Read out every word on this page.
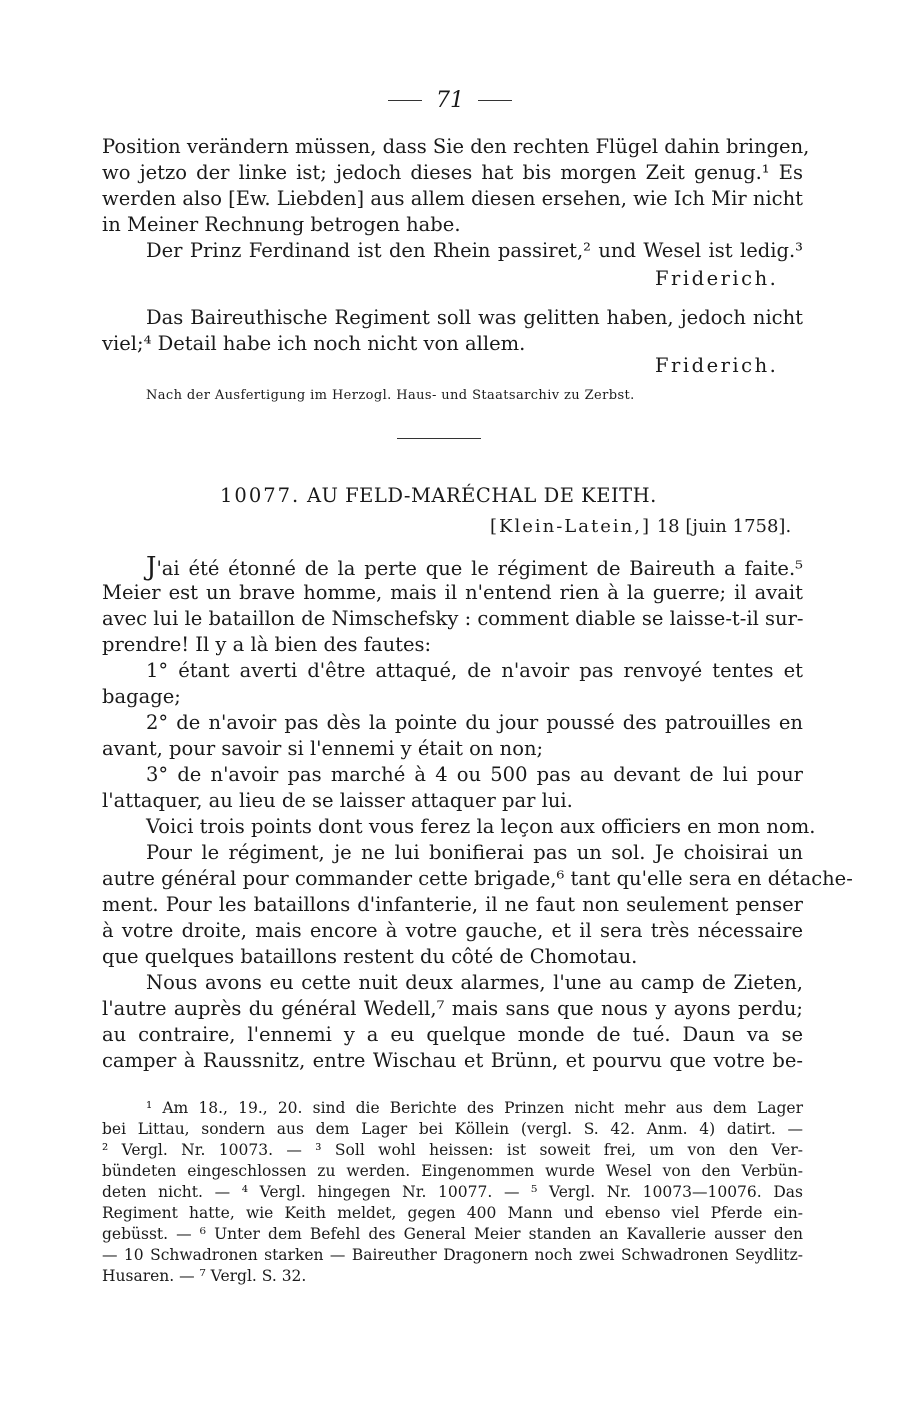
71
Position verändern müssen, dass Sie den rechten Flügel dahin bringen,
wo jetzo der linke ist; jedoch dieses hat bis morgen Zeit genug.¹ Es
werden also [Ew. Liebden] aus allem diesen ersehen, wie Ich Mir nicht
in Meiner Rechnung betrogen habe.
Der Prinz Ferdinand ist den Rhein passiret,² und Wesel ist ledig.³
Friderich.
Das Baireuthische Regiment soll was gelitten haben, jedoch nicht
viel;⁴ Detail habe ich noch nicht von allem.
Friderich.
Nach der Ausfertigung im Herzogl. Haus- und Staatsarchiv zu Zerbst.
10077. AU FELD-MARÉCHAL DE KEITH.
[Klein-Latein,] 18 [juin 1758].
J'ai été étonné de la perte que le régiment de Baireuth a faite.⁵
Meier est un brave homme, mais il n'entend rien à la guerre; il avait
avec lui le bataillon de Nimschefsky : comment diable se laisse-t-il sur-
prendre! Il y a là bien des fautes:
1° étant averti d'être attaqué, de n'avoir pas renvoyé tentes et
bagage;
2° de n'avoir pas dès la pointe du jour poussé des patrouilles en
avant, pour savoir si l'ennemi y était on non;
3° de n'avoir pas marché à 4 ou 500 pas au devant de lui pour
l'attaquer, au lieu de se laisser attaquer par lui.
Voici trois points dont vous ferez la leçon aux officiers en mon nom.
Pour le régiment, je ne lui bonifierai pas un sol. Je choisirai un
autre général pour commander cette brigade,⁶ tant qu'elle sera en détache-
ment. Pour les bataillons d'infanterie, il ne faut non seulement penser
à votre droite, mais encore à votre gauche, et il sera très nécessaire
que quelques bataillons restent du côté de Chomotau.
Nous avons eu cette nuit deux alarmes, l'une au camp de Zieten,
l'autre auprès du général Wedell,⁷ mais sans que nous y ayons perdu;
au contraire, l'ennemi y a eu quelque monde de tué. Daun va se
camper à Raussnitz, entre Wischau et Brünn, et pourvu que votre be-
¹ Am 18., 19., 20. sind die Berichte des Prinzen nicht mehr aus dem Lager
bei Littau, sondern aus dem Lager bei Köllein (vergl. S. 42. Anm. 4) datirt. —
² Vergl. Nr. 10073. — ³ Soll wohl heissen: ist soweit frei, um von den Ver-
bündeten eingeschlossen zu werden. Eingenommen wurde Wesel von den Verbün-
deten nicht. — ⁴ Vergl. hingegen Nr. 10077. — ⁵ Vergl. Nr. 10073—10076. Das
Regiment hatte, wie Keith meldet, gegen 400 Mann und ebenso viel Pferde ein-
gebüsst. — ⁶ Unter dem Befehl des General Meier standen an Kavallerie ausser den
— 10 Schwadronen starken — Baireuther Dragonern noch zwei Schwadronen Seydlitz-
Husaren. — ⁷ Vergl. S. 32.
